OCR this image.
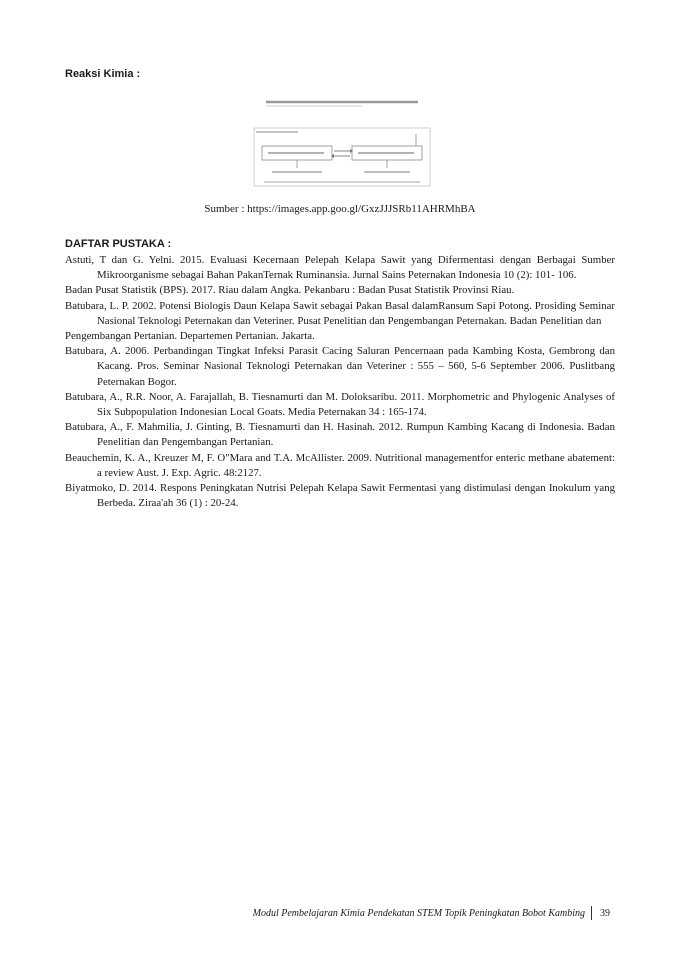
Reaksi Kimia :
Sumber : https://images.app.goo.gl/GxzJJJSRb11AHRMhBA
DAFTAR PUSTAKA :

Astuti, T dan G. Yelni. 2015. Evaluasi Kecernaan Pelepah Kelapa Sawit yang Difermentasi dengan Berbagai Sumber Mikroorganisme sebagai Bahan PakanTernak Ruminansia. Jurnal Sains Peternakan Indonesia 10 (2): 101- 106.

Badan Pusat Statistik (BPS). 2017. Riau dalam Angka. Pekanbaru : Badan Pusat Statistik Provinsi Riau.

Batubara, L. P. 2002. Potensi Biologis Daun Kelapa Sawit sebagai Pakan Basal dalamRansum Sapi Potong. Prosiding Seminar Nasional Teknologi Peternakan dan Veteriner. Pusat Penelitian dan Pengembangan Peternakan. Badan Penelitian dan

Pengembangan Pertanian. Departemen Pertanian. Jakarta.

Batubara, A. 2006. Perbandingan Tingkat Infeksi Parasit Cacing Saluran Pencernaan pada Kambing Kosta, Gembrong dan Kacang. Pros. Seminar Nasional Teknologi Peternakan dan Veteriner : 555 – 560, 5-6 September 2006. Puslitbang Peternakan Bogor.

Batubara, A., R.R. Noor, A. Farajallah, B. Tiesnamurti dan M. Doloksaribu. 2011. Morphometric and Phylogenic Analyses of Six Subpopulation Indonesian Local Goats. Media Peternakan 34 : 165-174.

Batubara, A., F. Mahmilia, J. Ginting, B. Tiesnamurti dan H. Hasinah. 2012. Rumpun Kambing Kacang di Indonesia. Badan Penelitian dan Pengembangan Pertanian.

Beauchemin, K. A., Kreuzer M, F. O"Mara and T.A. McAllister. 2009. Nutritional managementfor enteric methane abatement: a review Aust. J. Exp. Agric. 48:2127.

Biyatmoko, D. 2014. Respons Peningkatan Nutrisi Pelepah Kelapa Sawit Fermentasi yang distimulasi dengan Inokulum yang Berbeda. Ziraa'ah 36 (1) : 20-24.

Modul Pembelajaran Kimia Pendekatan STEM Topik Peningkatan Bobot Kambing 39
